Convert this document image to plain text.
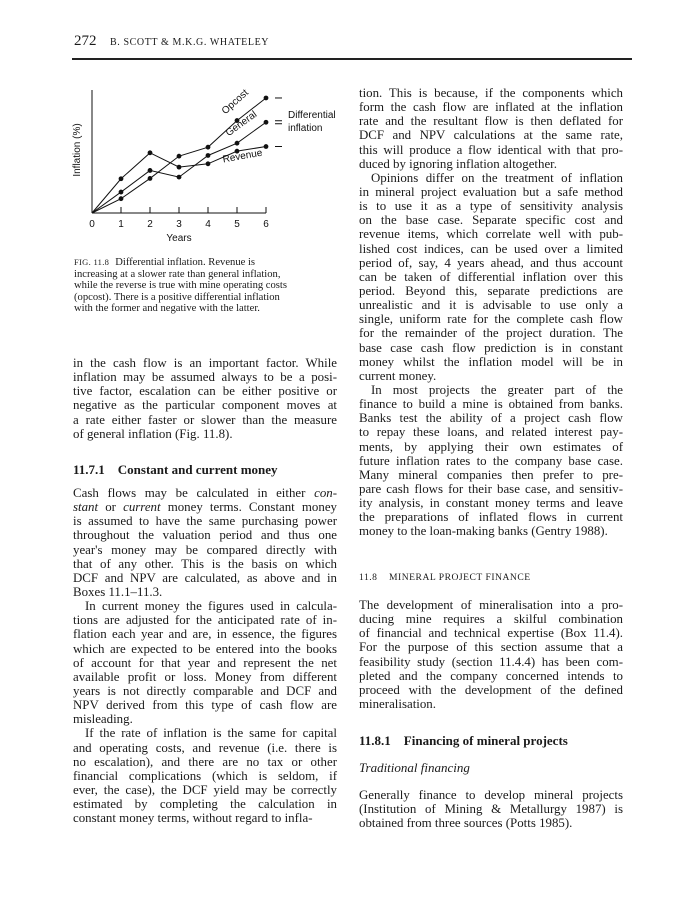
272 B. SCOTT & M.K.G. WHATELEY
0 1 2 3 4 5 6
Years
Inflation (%)
Opcost
General
Revenue
Differential
inflation
FIG. 11.8 Differential inflation. Revenue is
increasing at a slower rate than general inflation,
while the reverse is true with mine operating costs
(opcost). There is a positive differential inflation
with the former and negative with the latter.
in the cash flow is an important factor. While
inflation may be assumed always to be a posi-
tive factor, escalation can be either positive or
negative as the particular component moves at
a rate either faster or slower than the measure
of general inflation (Fig. 11.8).
11.7.1    Constant and current money
Cash flows may be calculated in either con-
stant or current money terms. Constant money
is assumed to have the same purchasing power
throughout the valuation period and thus one
year's money may be compared directly with
that of any other. This is the basis on which
DCF and NPV are calculated, as above and in
Boxes 11.1–11.3.
In current money the figures used in calcula-
tions are adjusted for the anticipated rate of in-
flation each year and are, in essence, the figures
which are expected to be entered into the books
of account for that year and represent the net
available profit or loss. Money from different
years is not directly comparable and DCF and
NPV derived from this type of cash flow are
misleading.
If the rate of inflation is the same for capital
and operating costs, and revenue (i.e. there is
no escalation), and there are no tax or other
financial complications (which is seldom, if
ever, the case), the DCF yield may be correctly
estimated by completing the calculation in
constant money terms, without regard to infla-
tion. This is because, if the components which
form the cash flow are inflated at the inflation
rate and the resultant flow is then deflated for
DCF and NPV calculations at the same rate,
this will produce a flow identical with that pro-
duced by ignoring inflation altogether.
Opinions differ on the treatment of inflation
in mineral project evaluation but a safe method
is to use it as a type of sensitivity analysis
on the base case. Separate specific cost and
revenue items, which correlate well with pub-
lished cost indices, can be used over a limited
period of, say, 4 years ahead, and thus account
can be taken of differential inflation over this
period. Beyond this, separate predictions are
unrealistic and it is advisable to use only a
single, uniform rate for the complete cash flow
for the remainder of the project duration. The
base case cash flow prediction is in constant
money whilst the inflation model will be in
current money.
In most projects the greater part of the
finance to build a mine is obtained from banks.
Banks test the ability of a project cash flow
to repay these loans, and related interest pay-
ments, by applying their own estimates of
future inflation rates to the company base case.
Many mineral companies then prefer to pre-
pare cash flows for their base case, and sensitiv-
ity analysis, in constant money terms and leave
the preparations of inflated flows in current
money to the loan-making banks (Gentry 1988).
11.8    MINERAL PROJECT FINANCE
The development of mineralisation into a pro-
ducing mine requires a skilful combination
of financial and technical expertise (Box 11.4).
For the purpose of this section assume that a
feasibility study (section 11.4.4) has been com-
pleted and the company concerned intends to
proceed with the development of the defined
mineralisation.
11.8.1    Financing of mineral projects
Traditional financing
Generally finance to develop mineral projects
(Institution of Mining & Metallurgy 1987) is
obtained from three sources (Potts 1985).
